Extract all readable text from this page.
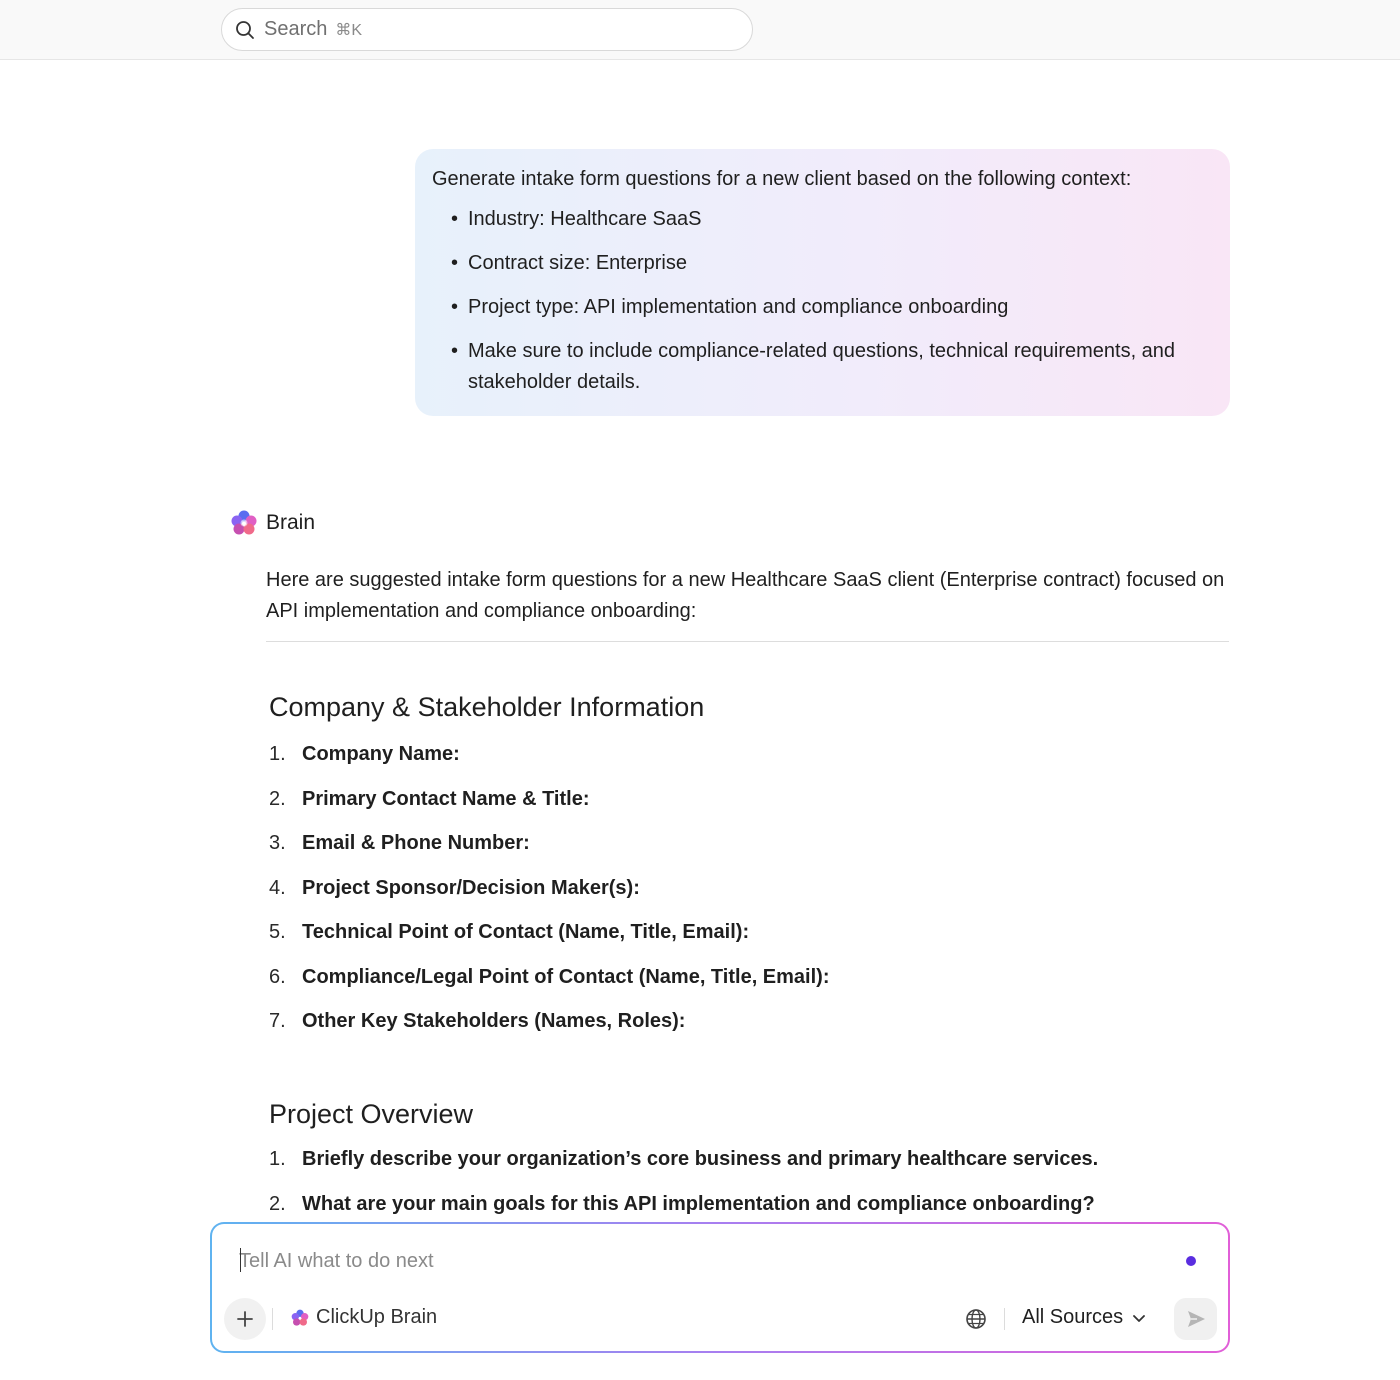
Search ⌘K
Generate intake form questions for a new client based on the following context:
• Industry: Healthcare SaaS
• Contract size: Enterprise
• Project type: API implementation and compliance onboarding
• Make sure to include compliance-related questions, technical requirements, and stakeholder details.
Brain
Here are suggested intake form questions for a new Healthcare SaaS client (Enterprise contract) focused on API implementation and compliance onboarding:
Company & Stakeholder Information
1. Company Name:
2. Primary Contact Name & Title:
3. Email & Phone Number:
4. Project Sponsor/Decision Maker(s):
5. Technical Point of Contact (Name, Title, Email):
6. Compliance/Legal Point of Contact (Name, Title, Email):
7. Other Key Stakeholders (Names, Roles):
Project Overview
1. Briefly describe your organization’s core business and primary healthcare services.
2. What are your main goals for this API implementation and compliance onboarding?
Tell AI what to do next
ClickUp Brain	All Sources
